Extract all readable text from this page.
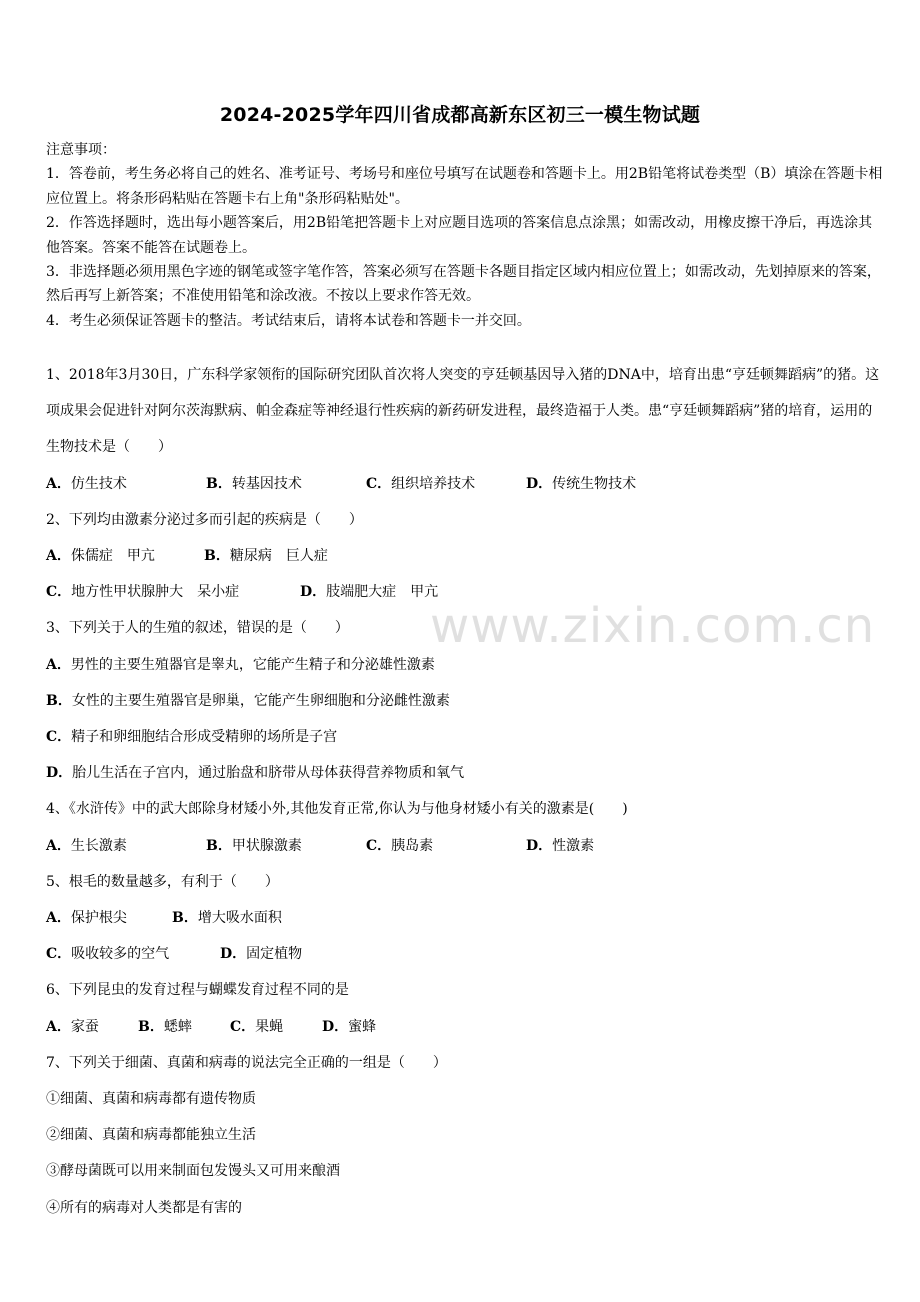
2024-2025学年四川省成都高新东区初三一模生物试题

注意事项：

1．答卷前，考生务必将自己的姓名、准考证号、考场号和座位号填写在试题卷和答题卡上。用2B铅笔将试卷类型（B）填涂在答题卡相应位置上。将条形码粘贴在答题卡右上角"条形码粘贴处"。

2．作答选择题时，选出每小题答案后，用2B铅笔把答题卡上对应题目选项的答案信息点涂黑；如需改动，用橡皮擦干净后，再选涂其他答案。答案不能答在试题卷上。

3．非选择题必须用黑色字迹的钢笔或签字笔作答，答案必须写在答题卡各题目指定区域内相应位置上；如需改动，先划掉原来的答案，然后再写上新答案；不准使用铅笔和涂改液。不按以上要求作答无效。

4．考生必须保证答题卡的整洁。考试结束后，请将本试卷和答题卡一并交回。

1、2018年3月30日，广东科学家领衔的国际研究团队首次将人突变的亨廷顿基因导入猪的DNA中，培育出患“亨廷顿舞蹈病”的猪。这项成果会促进针对阿尔茨海默病、帕金森症等神经退行性疾病的新药研发进程，最终造福于人类。患“亨廷顿舞蹈病”猪的培育，运用的生物技术是（　　）

A．仿生技术	B．转基因技术	C．组织培养技术	D．传统生物技术

2、下列均由激素分泌过多而引起的疾病是（　　）

A．侏儒症　甲亢	B．糖尿病　巨人症

C．地方性甲状腺肿大　呆小症	D．肢端肥大症　甲亢

3、下列关于人的生殖的叙述，错误的是（　　）

A．男性的主要生殖器官是睾丸，它能产生精子和分泌雄性激素

B．女性的主要生殖器官是卵巢，它能产生卵细胞和分泌雌性激素

C．精子和卵细胞结合形成受精卵的场所是子宫

D．胎儿生活在子宫内，通过胎盘和脐带从母体获得营养物质和氧气

4、《水浒传》中的武大郎除身材矮小外,其他发育正常,你认为与他身材矮小有关的激素是(　　)

A．生长激素	B．甲状腺激素	C．胰岛素	D．性激素

5、根毛的数量越多，有利于（　　）

A．保护根尖	B．增大吸水面积

C．吸收较多的空气	D．固定植物

6、下列昆虫的发育过程与蝴蝶发育过程不同的是

A．家蚕	B．蟋蟀	C．果蝇	D．蜜蜂

7、下列关于细菌、真菌和病毒的说法完全正确的一组是（　　）

①细菌、真菌和病毒都有遗传物质

②细菌、真菌和病毒都能独立生活

③酵母菌既可以用来制面包发馒头又可用来酿酒

④所有的病毒对人类都是有害的

www.zixin.com.cn
